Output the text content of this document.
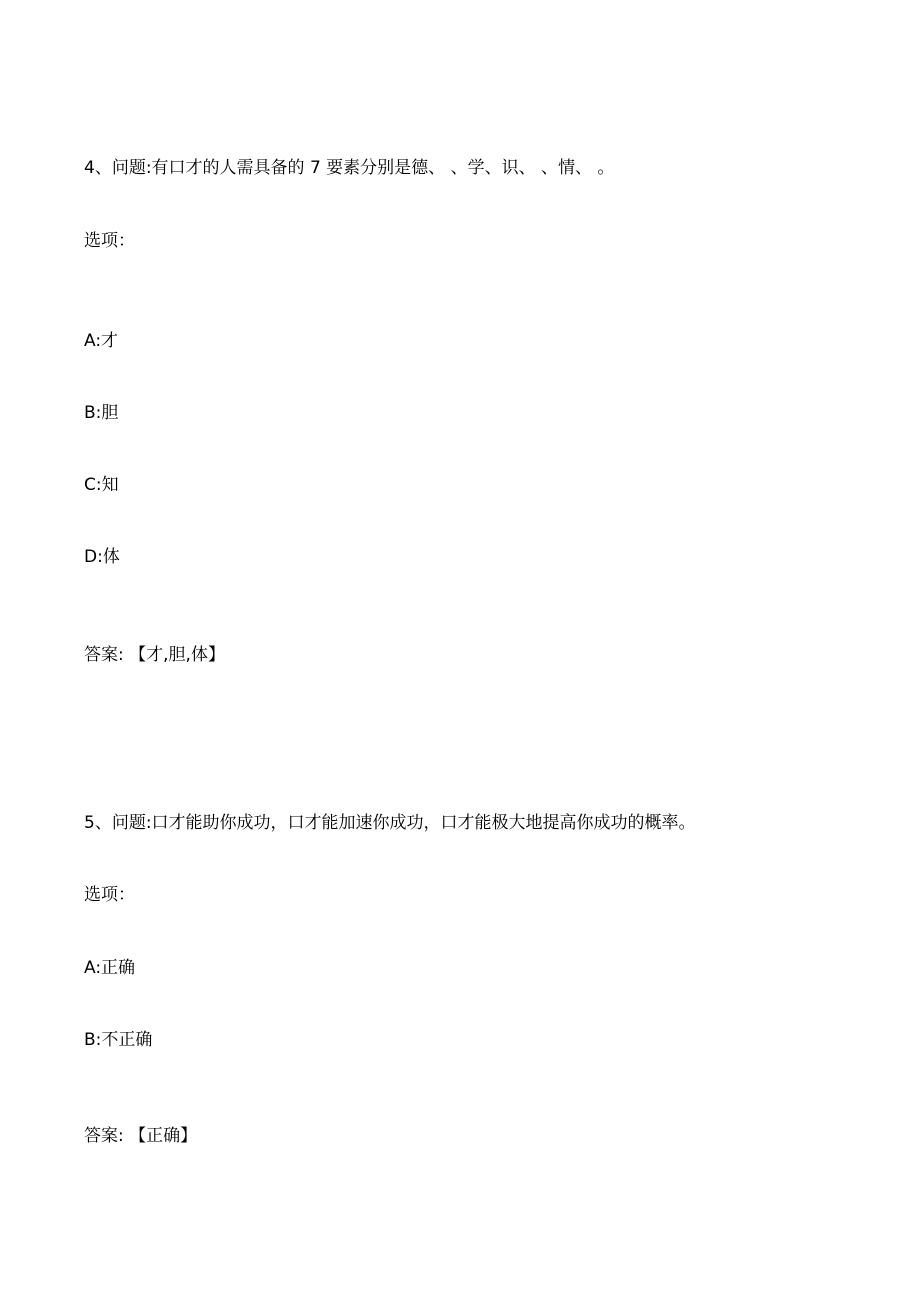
4、问题:有口才的人需具备的 7 要素分别是德、 、学、识、 、情、 。
选项：
A:才
B:胆
C:知
D:体
答案: 【才,胆,体】
5、问题:口才能助你成功，口才能加速你成功，口才能极大地提高你成功的概率。
选项：
A:正确
B:不正确
答案: 【正确】
